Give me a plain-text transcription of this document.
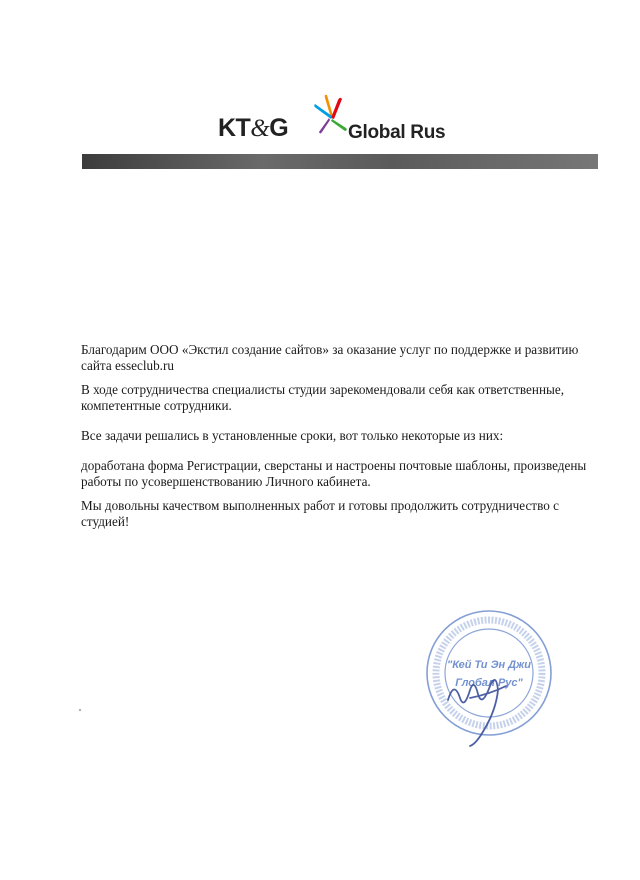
KT&G	Global Rus

Благодарим ООО «Экстил создание сайтов» за оказание услуг по поддержке и развитию сайта esseclub.ru

В ходе сотрудничества специалисты студии зарекомендовали себя как ответственные, компетентные сотрудники.

Все задачи решались в установленные сроки, вот только некоторые из них:

доработана форма Регистрации, сверстаны и настроены почтовые шаблоны, произведены работы по усовершенствованию Личного кабинета.

Мы довольны качеством выполненных работ и готовы продолжить сотрудничество с студией!

"Кей Ти Эн Джи
Глобал Рус"
